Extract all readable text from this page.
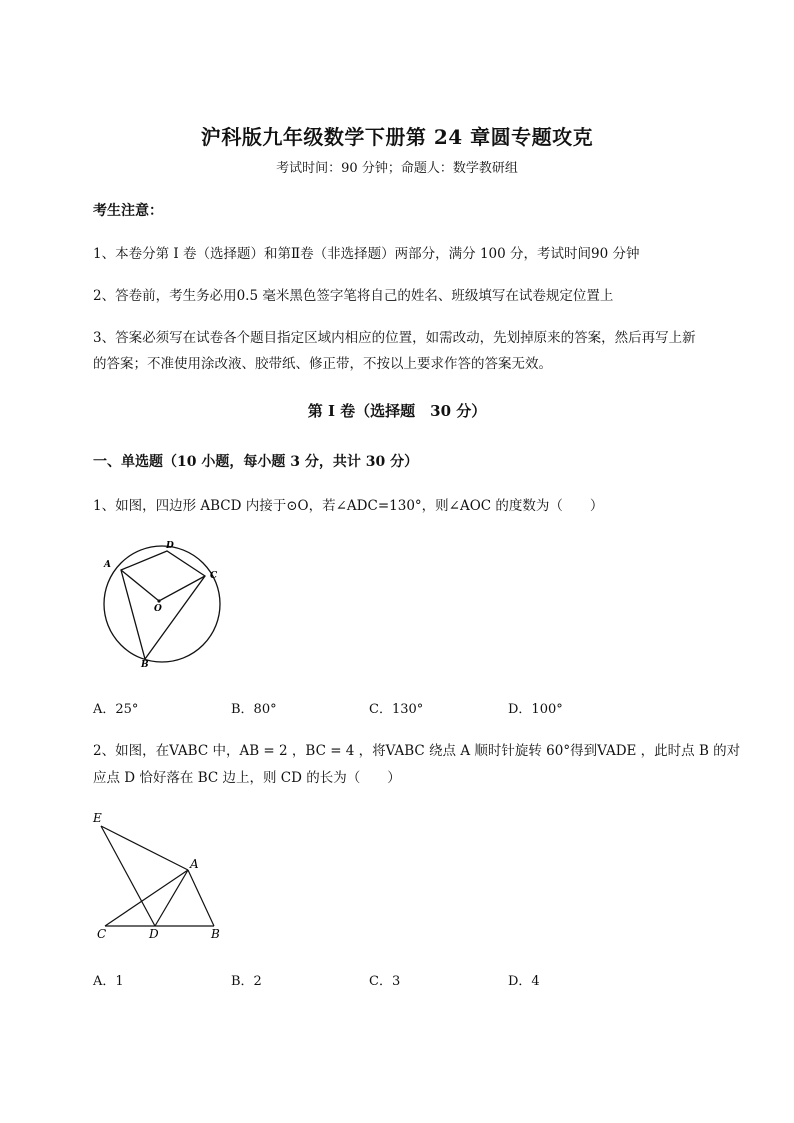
沪科版九年级数学下册第 24 章圆专题攻克
考试时间：90 分钟；命题人：数学教研组
考生注意：
1、本卷分第 I 卷（选择题）和第Ⅱ卷（非选择题）两部分，满分 100 分，考试时间90 分钟
2、答卷前，考生务必用0.5 毫米黑色签字笔将自己的姓名、班级填写在试卷规定位置上
3、答案必须写在试卷各个题目指定区域内相应的位置，如需改动，先划掉原来的答案，然后再写上新
的答案；不准使用涂改液、胶带纸、修正带，不按以上要求作答的答案无效。
第 I 卷（选择题　30 分）
一、单选题（10 小题，每小题 3 分，共计 30 分）
1、如图，四边形 ABCD 内接于⊙O，若∠ADC=130°，则∠AOC 的度数为（　　）
A
D
C
O
B
A．25°	B．80°	C．130°	D．100°
2、如图，在VABC 中，AB = 2 ，BC = 4 ，将VABC 绕点 A 顺时针旋转 60°得到VADE ，此时点 B 的对
应点 D 恰好落在 BC 边上，则 CD 的长为（　　）
E
A
C	D	B
A．1	B．2	C．3	D．4
